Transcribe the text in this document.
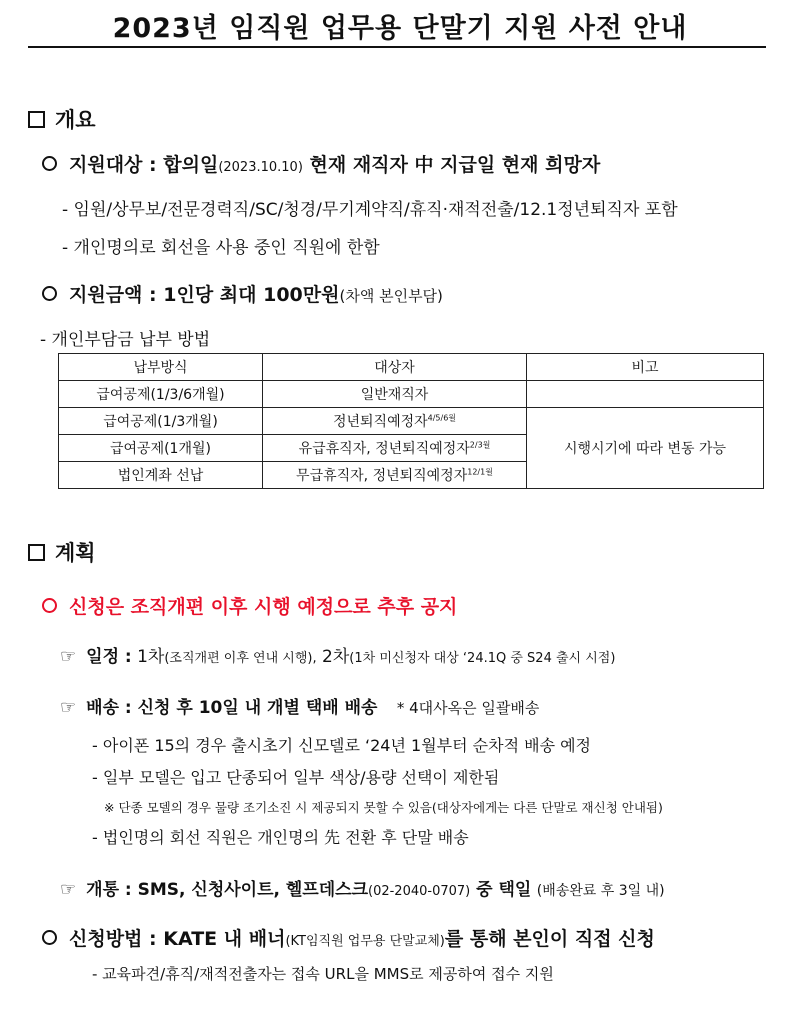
2023년 임직원 업무용 단말기 지원 사전 안내
개요
지원대상 : 합의일(2023.10.10) 현재 재직자 中 지급일 현재 희망자
- 임원/상무보/전문경력직/SC/청경/무기계약직/휴직·재적전출/12.1정년퇴직자 포함
- 개인명의로 회선을 사용 중인 직원에 한함
지원금액 : 1인당 최대 100만원(차액 본인부담)
- 개인부담금 납부 방법
납부방식	대상자	비고
급여공제(1/3/6개월)	일반재직자	
급여공제(1/3개월)	정년퇴직예정자$^{4/5/6월}$	시행시기에 따라 변동 가능
급여공제(1개월)	유급휴직자, 정년퇴직예정자$^{2/3월}$
법인계좌 선납	무급휴직자, 정년퇴직예정자$^{12/1월}$
계획
신청은 조직개편 이후 시행 예정으로 추후 공지
☞ 일정 : 1차(조직개편 이후 연내 시행), 2차(1차 미신청자 대상 ‘24.1Q 중 S24 출시 시점)
☞ 배송 : 신청 후 10일 내 개별 택배 배송 * 4대사옥은 일괄배송
- 아이폰 15의 경우 출시초기 신모델로 ‘24년 1월부터 순차적 배송 예정
- 일부 모델은 입고 단종되어 일부 색상/용량 선택이 제한됨
※ 단종 모델의 경우 물량 조기소진 시 제공되지 못할 수 있음(대상자에게는 다른 단말로 재신청 안내됨)
- 법인명의 회선 직원은 개인명의 先 전환 후 단말 배송
☞ 개통 : SMS, 신청사이트, 헬프데스크(02-2040-0707) 중 택일 (배송완료 후 3일 내)
신청방법 : KATE 내 배너(KT임직원 업무용 단말교체)를 통해 본인이 직접 신청
- 교육파견/휴직/재적전출자는 접속 URL을 MMS로 제공하여 접수 지원
